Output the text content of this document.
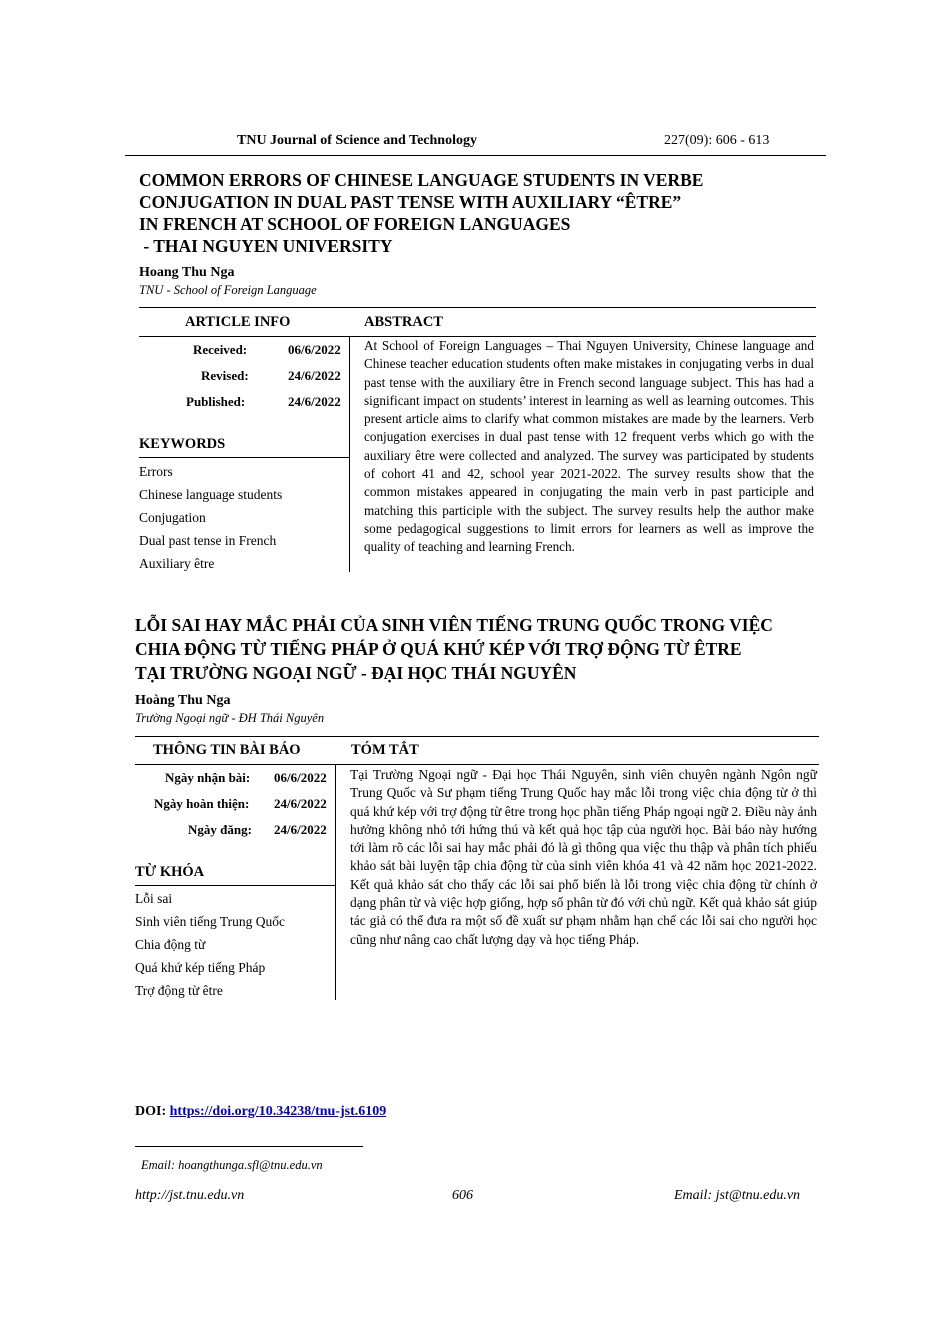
TNU Journal of Science and Technology	227(09): 606 - 613
COMMON ERRORS OF CHINESE LANGUAGE STUDENTS IN VERBE
CONJUGATION IN DUAL PAST TENSE WITH AUXILIARY “ÊTRE”
IN FRENCH AT SCHOOL OF FOREIGN LANGUAGES
- THAI NGUYEN UNIVERSITY
Hoang Thu Nga
TNU - School of Foreign Language
ARTICLE INFO	ABSTRACT
Received:	06/6/2022
Revised:	24/6/2022
Published:	24/6/2022
KEYWORDS
Errors
Chinese language students
Conjugation
Dual past tense in French
Auxiliary être
At School of Foreign Languages – Thai Nguyen University, Chinese language and Chinese teacher education students often make mistakes in conjugating verbs in dual past tense with the auxiliary être in French second language subject. This has had a significant impact on students’ interest in learning as well as learning outcomes. This present article aims to clarify what common mistakes are made by the learners. Verb conjugation exercises in dual past tense with 12 frequent verbs which go with the auxiliary être were collected and analyzed. The survey was participated by students of cohort 41 and 42, school year 2021-2022. The survey results show that the common mistakes appeared in conjugating the main verb in past participle and matching this participle with the subject. The survey results help the author make some pedagogical suggestions to limit errors for learners as well as improve the quality of teaching and learning French.
LỖI SAI HAY MẮC PHẢI CỦA SINH VIÊN TIẾNG TRUNG QUỐC TRONG VIỆC
CHIA ĐỘNG TỪ TIẾNG PHÁP Ở QUÁ KHỨ KÉP VỚI TRỢ ĐỘNG TỪ ÊTRE
TẠI TRƯỜNG NGOẠI NGỮ - ĐẠI HỌC THÁI NGUYÊN
Hoàng Thu Nga
Trường Ngoại ngữ - ĐH Thái Nguyên
THÔNG TIN BÀI BÁO	TÓM TẮT
Ngày nhận bài: 06/6/2022
Ngày hoàn thiện: 24/6/2022
Ngày đăng: 24/6/2022
TỪ KHÓA
Lỗi sai
Sinh viên tiếng Trung Quốc
Chia động từ
Quá khứ kép tiếng Pháp
Trợ động từ être
Tại Trường Ngoại ngữ - Đại học Thái Nguyên, sinh viên chuyên ngành Ngôn ngữ Trung Quốc và Sư phạm tiếng Trung Quốc hay mắc lỗi trong việc chia động từ ở thì quá khứ kép với trợ động từ être trong học phần tiếng Pháp ngoại ngữ 2. Điều này ảnh hưởng không nhỏ tới hứng thú và kết quả học tập của người học. Bài báo này hướng tới làm rõ các lỗi sai hay mắc phải đó là gì thông qua việc thu thập và phân tích phiếu khảo sát bài luyện tập chia động từ của sinh viên khóa 41 và 42 năm học 2021-2022. Kết quả khảo sát cho thấy các lỗi sai phổ biến là lỗi trong việc chia động từ chính ở dạng phân từ và việc hợp giống, hợp số phân từ đó với chủ ngữ. Kết quả khảo sát giúp tác giả có thể đưa ra một số đề xuất sư phạm nhằm hạn chế các lỗi sai cho người học cũng như nâng cao chất lượng dạy và học tiếng Pháp.
DOI: https://doi.org/10.34238/tnu-jst.6109
Email: hoangthunga.sfl@tnu.edu.vn
http://jst.tnu.edu.vn	606	Email: jst@tnu.edu.vn
